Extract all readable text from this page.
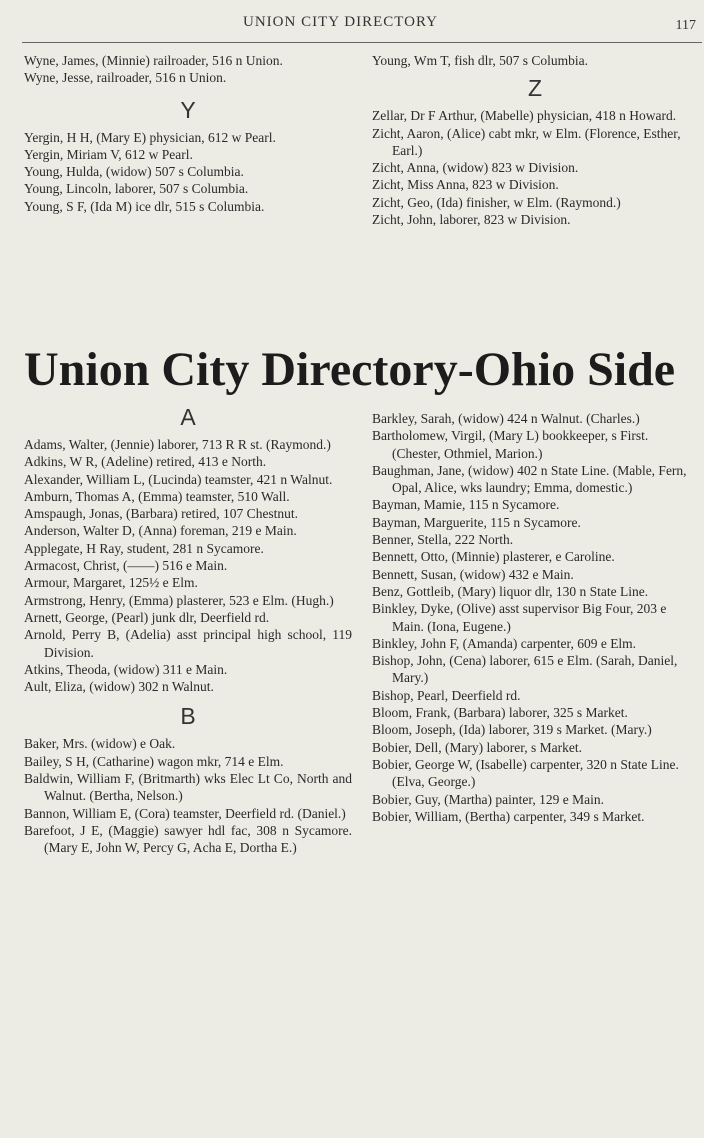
UNION CITY DIRECTORY	117
Wyne, James, (Minnie) railroader, 516 n Union.
Wyne, Jesse, railroader, 516 n Union.
Y
Yergin, H H, (Mary E) physician, 612 w Pearl.
Yergin, Miriam V, 612 w Pearl.
Young, Hulda, (widow) 507 s Columbia.
Young, Lincoln, laborer, 507 s Columbia.
Young, S F, (Ida M) ice dlr, 515 s Columbia.
Young, Wm T, fish dlr, 507 s Columbia.
Z
Zellar, Dr F Arthur, (Mabelle) physician, 418 n Howard.
Zicht, Aaron, (Alice) cabt mkr, w Elm. (Florence, Esther, Earl.)
Zicht, Anna, (widow) 823 w Division.
Zicht, Miss Anna, 823 w Division.
Zicht, Geo, (Ida) finisher, w Elm. (Raymond.)
Zicht, John, laborer, 823 w Division.
Union City Directory-Ohio Side
A
Adams, Walter, (Jennie) laborer, 713 R R st. (Raymond.)
Adkins, W R, (Adeline) retired, 413 e North.
Alexander, William L, (Lucinda) teamster, 421 n Walnut.
Amburn, Thomas A, (Emma) teamster, 510 Wall.
Amspaugh, Jonas, (Barbara) retired, 107 Chestnut.
Anderson, Walter D, (Anna) foreman, 219 e Main.
Applegate, H Ray, student, 281 n Sycamore.
Armacost, Christ, (——) 516 e Main.
Armour, Margaret, 125½ e Elm.
Armstrong, Henry, (Emma) plasterer, 523 e Elm. (Hugh.)
Arnett, George, (Pearl) junk dlr, Deerfield rd.
Arnold, Perry B, (Adelia) asst principal high school, 119 Division.
Atkins, Theoda, (widow) 311 e Main.
Ault, Eliza, (widow) 302 n Walnut.
B
Baker, Mrs. (widow) e Oak.
Bailey, S H, (Catharine) wagon mkr, 714 e Elm.
Baldwin, William F, (Britmarth) wks Elec Lt Co, North and Walnut. (Bertha, Nelson.)
Bannon, William E, (Cora) teamster, Deerfield rd. (Daniel.)
Barefoot, J E, (Maggie) sawyer hdl fac, 308 n Sycamore. (Mary E, John W, Percy G, Acha E, Dortha E.)
Barkley, Sarah, (widow) 424 n Walnut. (Charles.)
Bartholomew, Virgil, (Mary L) bookkeeper, s First. (Chester, Othmiel, Marion.)
Baughman, Jane, (widow) 402 n State Line. (Mable, Fern, Opal, Alice, wks laundry; Emma, domestic.)
Bayman, Mamie, 115 n Sycamore.
Bayman, Marguerite, 115 n Sycamore.
Benner, Stella, 222 North.
Bennett, Otto, (Minnie) plasterer, e Caroline.
Bennett, Susan, (widow) 432 e Main.
Benz, Gottleib, (Mary) liquor dlr, 130 n State Line.
Binkley, Dyke, (Olive) asst supervisor Big Four, 203 e Main. (Iona, Eugene.)
Binkley, John F, (Amanda) carpenter, 609 e Elm.
Bishop, John, (Cena) laborer, 615 e Elm. (Sarah, Daniel, Mary.)
Bishop, Pearl, Deerfield rd.
Bloom, Frank, (Barbara) laborer, 325 s Market.
Bloom, Joseph, (Ida) laborer, 319 s Market. (Mary.)
Bobier, Dell, (Mary) laborer, s Market.
Bobier, George W, (Isabelle) carpenter, 320 n State Line. (Elva, George.)
Bobier, Guy, (Martha) painter, 129 e Main.
Bobier, William, (Bertha) carpenter, 349 s Market.
